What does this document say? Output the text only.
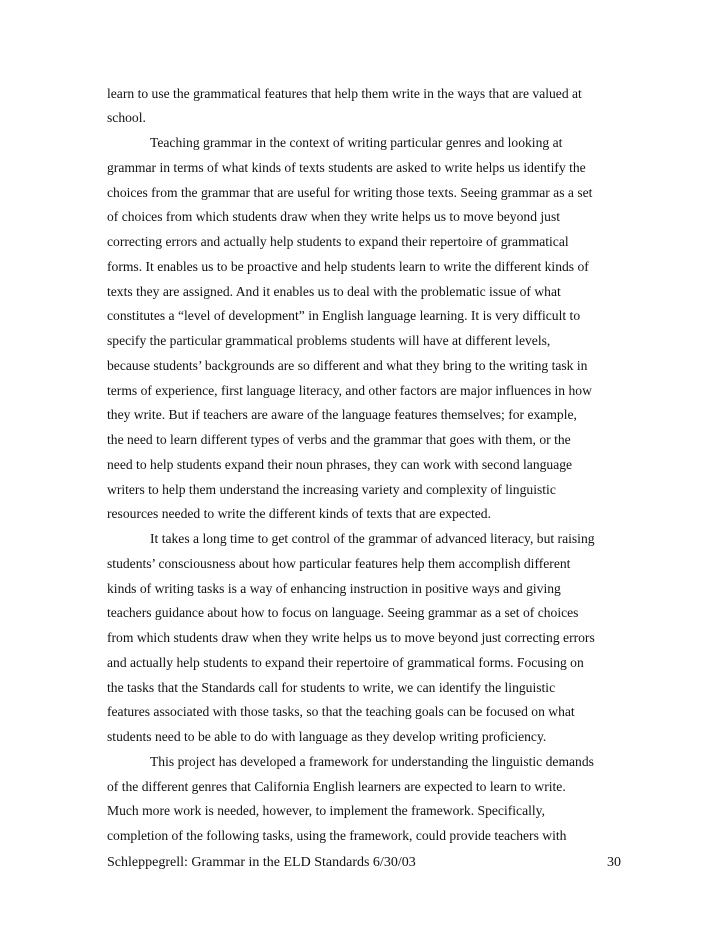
learn to use the grammatical features that help them write in the ways that are valued at
school.
Teaching grammar in the context of writing particular genres and looking at
grammar in terms of what kinds of texts students are asked to write helps us identify the
choices from the grammar that are useful for writing those texts. Seeing grammar as a set
of choices from which students draw when they write helps us to move beyond just
correcting errors and actually help students to expand their repertoire of grammatical
forms. It enables us to be proactive and help students learn to write the different kinds of
texts they are assigned. And it enables us to deal with the problematic issue of what
constitutes a “level of development” in English language learning. It is very difficult to
specify the particular grammatical problems students will have at different levels,
because students’ backgrounds are so different and what they bring to the writing task in
terms of experience, first language literacy, and other factors are major influences in how
they write. But if teachers are aware of the language features themselves; for example,
the need to learn different types of verbs and the grammar that goes with them, or the
need to help students expand their noun phrases, they can work with second language
writers to help them understand the increasing variety and complexity of linguistic
resources needed to write the different kinds of texts that are expected.
It takes a long time to get control of the grammar of advanced literacy, but raising
students’ consciousness about how particular features help them accomplish different
kinds of writing tasks is a way of enhancing instruction in positive ways and giving
teachers guidance about how to focus on language. Seeing grammar as a set of choices
from which students draw when they write helps us to move beyond just correcting errors
and actually help students to expand their repertoire of grammatical forms. Focusing on
the tasks that the Standards call for students to write, we can identify the linguistic
features associated with those tasks, so that the teaching goals can be focused on what
students need to be able to do with language as they develop writing proficiency.
This project has developed a framework for understanding the linguistic demands
of the different genres that California English learners are expected to learn to write.
Much more work is needed, however, to implement the framework. Specifically,
completion of the following tasks, using the framework, could provide teachers with
Schleppegrell: Grammar in the ELD Standards 6/30/03	30
